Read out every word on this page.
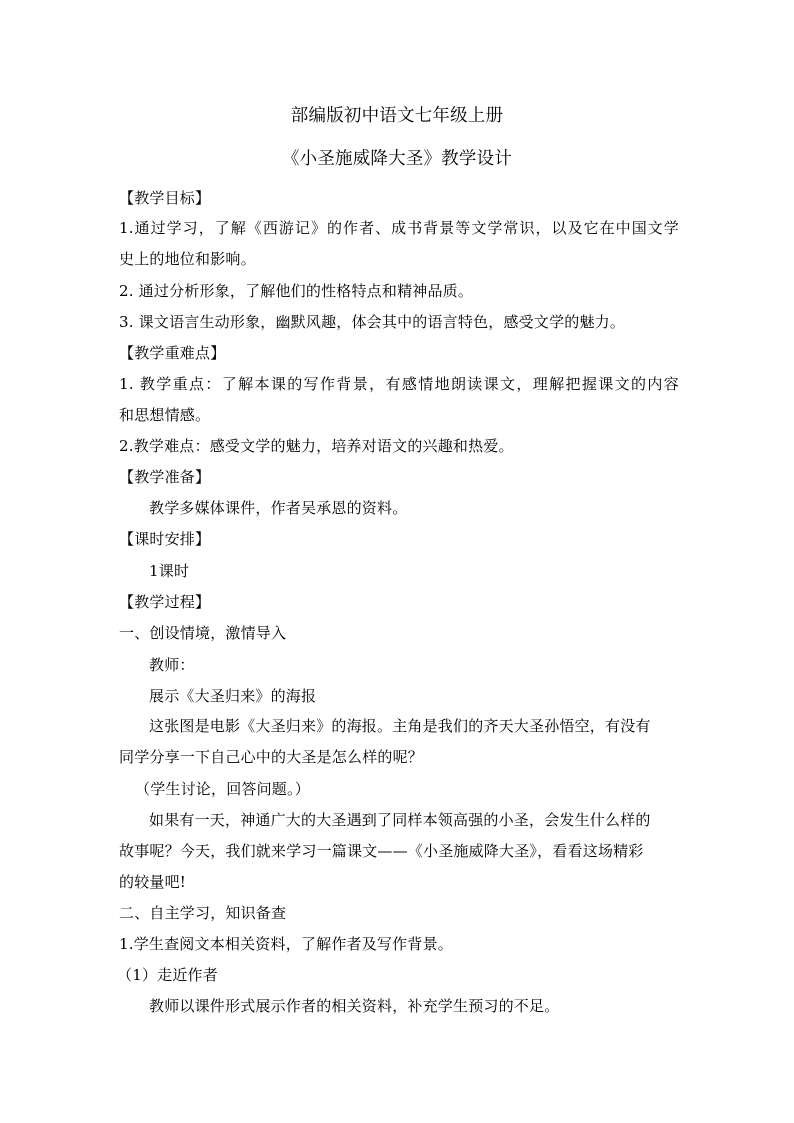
部编版初中语文七年级上册
《小圣施威降大圣》教学设计
【教学目标】
1.通过学习，了解《西游记》的作者、成书背景等文学常识，以及它在中国文学
史上的地位和影响。
2. 通过分析形象，了解他们的性格特点和精神品质。
3. 课文语言生动形象，幽默风趣，体会其中的语言特色，感受文学的魅力。
【教学重难点】
1. 教学重点：了解本课的写作背景，有感情地朗读课文，理解把握课文的内容
和思想情感。
2.教学难点：感受文学的魅力，培养对语文的兴趣和热爱。
【教学准备】
教学多媒体课件，作者吴承恩的资料。
【课时安排】
1课时
【教学过程】
一、创设情境，激情导入
教师：
展示《大圣归来》的海报
这张图是电影《大圣归来》的海报。主角是我们的齐天大圣孙悟空，有没有
同学分享一下自己心中的大圣是怎么样的呢？
（学生讨论，回答问题。）
如果有一天，神通广大的大圣遇到了同样本领高强的小圣，会发生什么样的
故事呢？今天，我们就来学习一篇课文——《小圣施威降大圣》，看看这场精彩
的较量吧!
二、自主学习，知识备查
1.学生查阅文本相关资料，了解作者及写作背景。
（1）走近作者
教师以课件形式展示作者的相关资料，补充学生预习的不足。
